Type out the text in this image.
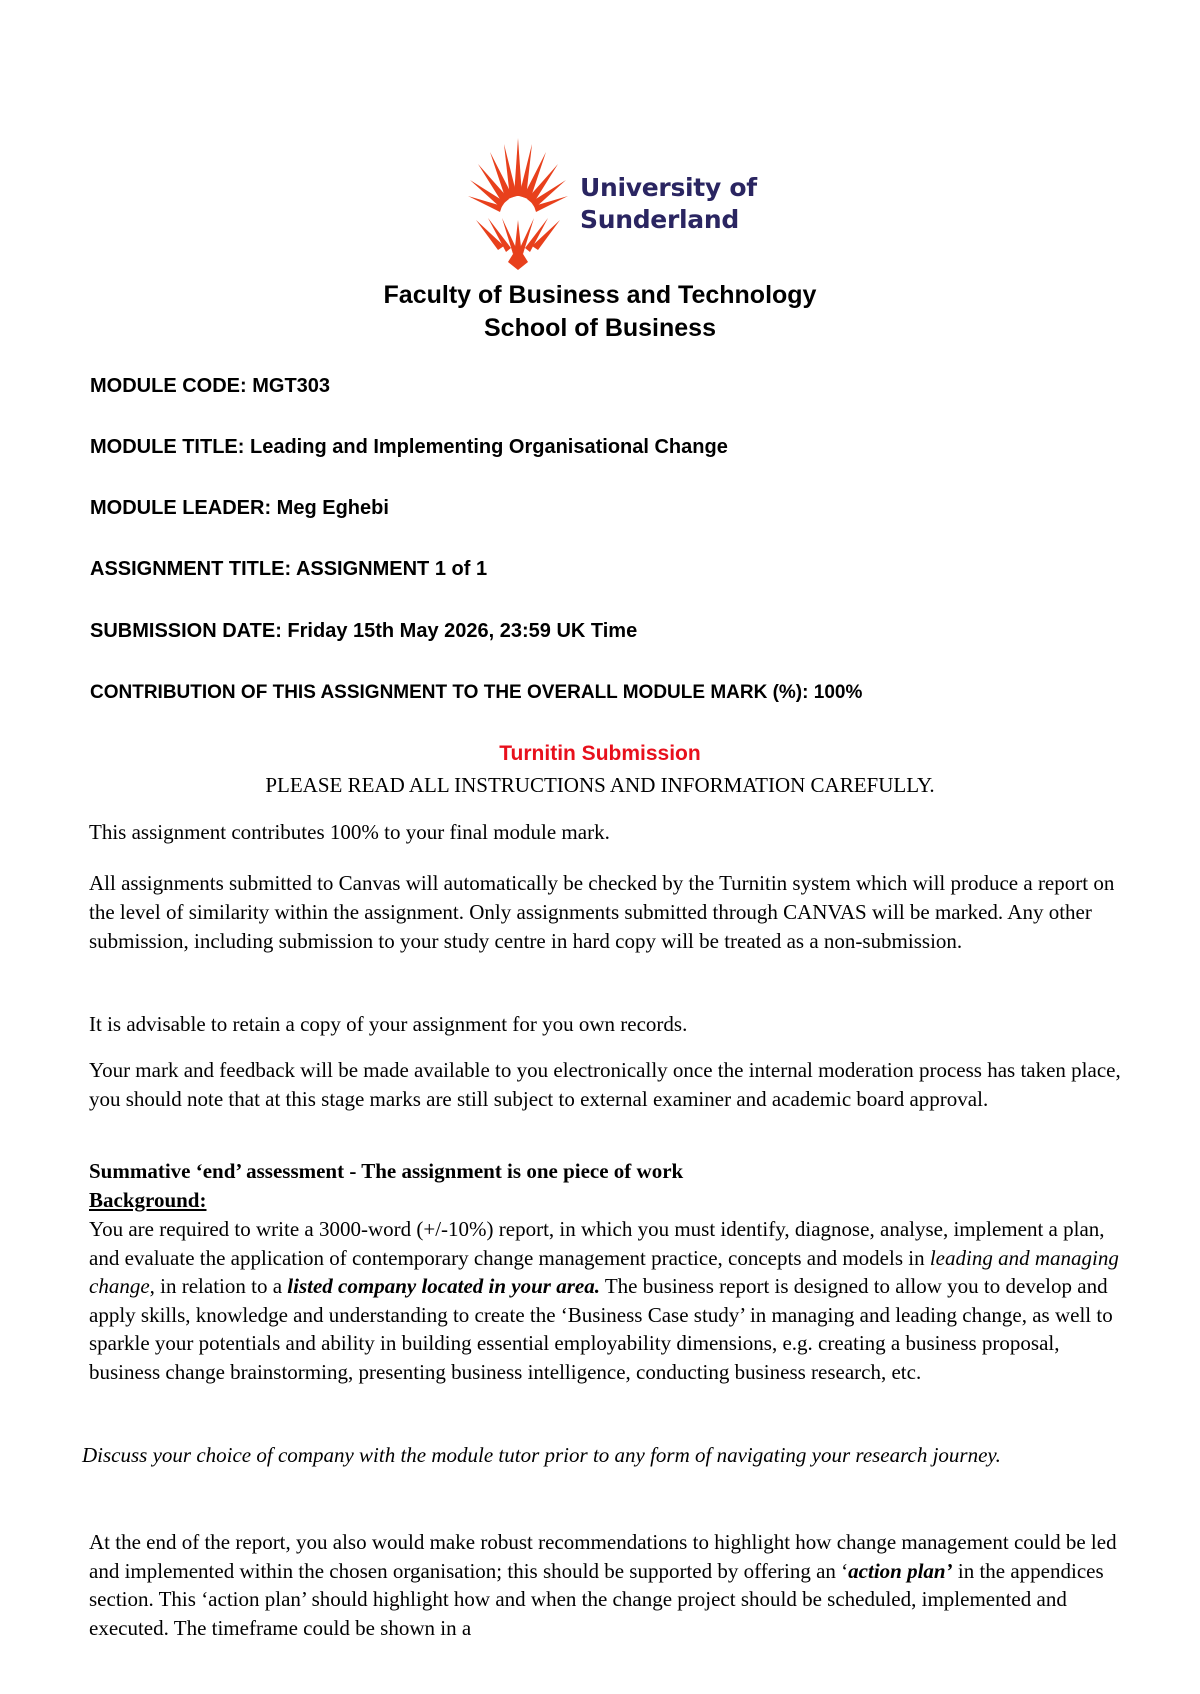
University of
Sunderland
Faculty of Business and Technology
School of Business
MODULE CODE: MGT303
MODULE TITLE: Leading and Implementing Organisational Change
MODULE LEADER: Meg Eghebi
ASSIGNMENT TITLE: ASSIGNMENT 1 of 1
SUBMISSION DATE: Friday 15th May 2026, 23:59 UK Time
CONTRIBUTION OF THIS ASSIGNMENT TO THE OVERALL MODULE MARK (%): 100%
Turnitin Submission
PLEASE READ ALL INSTRUCTIONS AND INFORMATION CAREFULLY.
This assignment contributes 100% to your final module mark.
All assignments submitted to Canvas will automatically be checked by the Turnitin system which will produce a report on the level of similarity within the assignment. Only assignments submitted through CANVAS will be marked. Any other submission, including submission to your study centre in hard copy will be treated as a non-submission.
It is advisable to retain a copy of your assignment for you own records.
Your mark and feedback will be made available to you electronically once the internal moderation process has taken place, you should note that at this stage marks are still subject to external examiner and academic board approval.
Summative ‘end’ assessment - The assignment is one piece of work
Background:
You are required to write a 3000-word (+/-10%) report, in which you must identify, diagnose, analyse, implement a plan, and evaluate the application of contemporary change management practice, concepts and models in leading and managing change, in relation to a listed company located in your area. The business report is designed to allow you to develop and apply skills, knowledge and understanding to create the ‘Business Case study’ in managing and leading change, as well to sparkle your potentials and ability in building essential employability dimensions, e.g. creating a business proposal, business change brainstorming, presenting business intelligence, conducting business research, etc.
Discuss your choice of company with the module tutor prior to any form of navigating your research journey.
At the end of the report, you also would make robust recommendations to highlight how change management could be led and implemented within the chosen organisation; this should be supported by offering an ‘action plan’ in the appendices section. This ‘action plan’ should highlight how and when the change project should be scheduled, implemented and executed. The timeframe could be shown in a
